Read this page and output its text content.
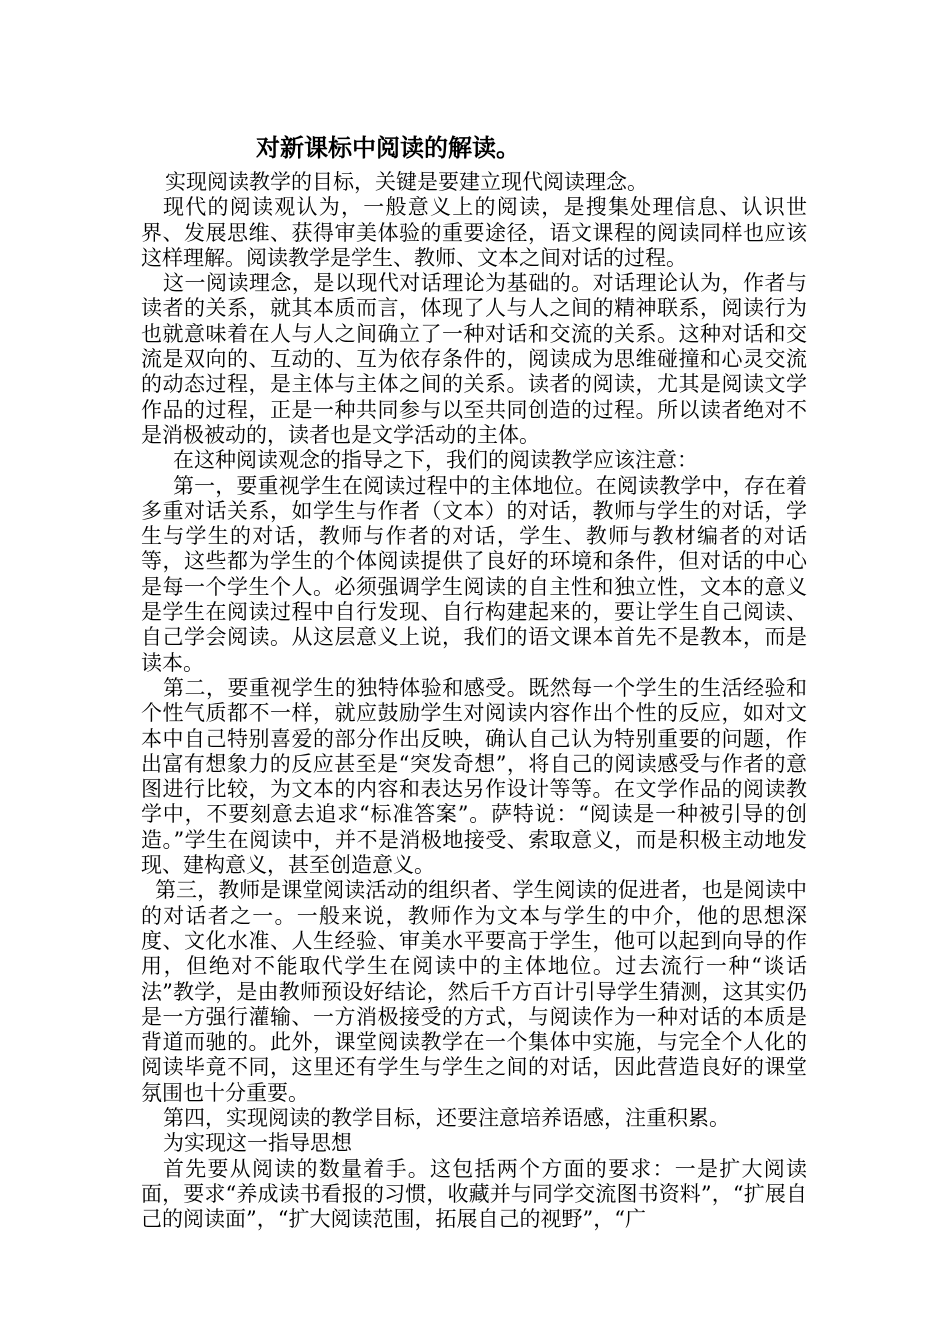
对新课标中阅读的解读。

实现阅读教学的目标，关键是要建立现代阅读理念。

现代的阅读观认为，一般意义上的阅读，是搜集处理信息、认识世界、发展思维、获得审美体验的重要途径，语文课程的阅读同样也应该这样理解。阅读教学是学生、教师、文本之间对话的过程。

这一阅读理念，是以现代对话理论为基础的。对话理论认为，作者与读者的关系，就其本质而言，体现了人与人之间的精神联系，阅读行为也就意味着在人与人之间确立了一种对话和交流的关系。这种对话和交流是双向的、互动的、互为依存条件的，阅读成为思维碰撞和心灵交流的动态过程，是主体与主体之间的关系。读者的阅读，尤其是阅读文学作品的过程，正是一种共同参与以至共同创造的过程。所以读者绝对不是消极被动的，读者也是文学活动的主体。

在这种阅读观念的指导之下，我们的阅读教学应该注意：

第一，要重视学生在阅读过程中的主体地位。在阅读教学中，存在着多重对话关系，如学生与作者（文本）的对话，教师与学生的对话，学生与学生的对话，教师与作者的对话，学生、教师与教材编者的对话等，这些都为学生的个体阅读提供了良好的环境和条件，但对话的中心是每一个学生个人。必须强调学生阅读的自主性和独立性，文本的意义是学生在阅读过程中自行发现、自行构建起来的，要让学生自己阅读、自己学会阅读。从这层意义上说，我们的语文课本首先不是教本，而是读本。

第二，要重视学生的独特体验和感受。既然每一个学生的生活经验和个性气质都不一样，就应鼓励学生对阅读内容作出个性的反应，如对文本中自己特别喜爱的部分作出反映，确认自己认为特别重要的问题，作出富有想象力的反应甚至是“突发奇想”，将自己的阅读感受与作者的意图进行比较，为文本的内容和表达另作设计等等。在文学作品的阅读教学中，不要刻意去追求“标准答案”。萨特说：“阅读是一种被引导的创造。”学生在阅读中，并不是消极地接受、索取意义，而是积极主动地发现、建构意义，甚至创造意义。

第三，教师是课堂阅读活动的组织者、学生阅读的促进者，也是阅读中的对话者之一。一般来说，教师作为文本与学生的中介，他的思想深度、文化水准、人生经验、审美水平要高于学生，他可以起到向导的作用，但绝对不能取代学生在阅读中的主体地位。过去流行一种“谈话法”教学，是由教师预设好结论，然后千方百计引导学生猜测，这其实仍是一方强行灌输、一方消极接受的方式，与阅读作为一种对话的本质是背道而驰的。此外，课堂阅读教学在一个集体中实施，与完全个人化的阅读毕竟不同，这里还有学生与学生之间的对话，因此营造良好的课堂氛围也十分重要。

第四，实现阅读的教学目标，还要注意培养语感，注重积累。

为实现这一指导思想

首先要从阅读的数量着手。这包括两个方面的要求：一是扩大阅读面，要求“养成读书看报的习惯，收藏并与同学交流图书资料”，“扩展自己的阅读面”，“扩大阅读范围，拓展自己的视野”，“广
